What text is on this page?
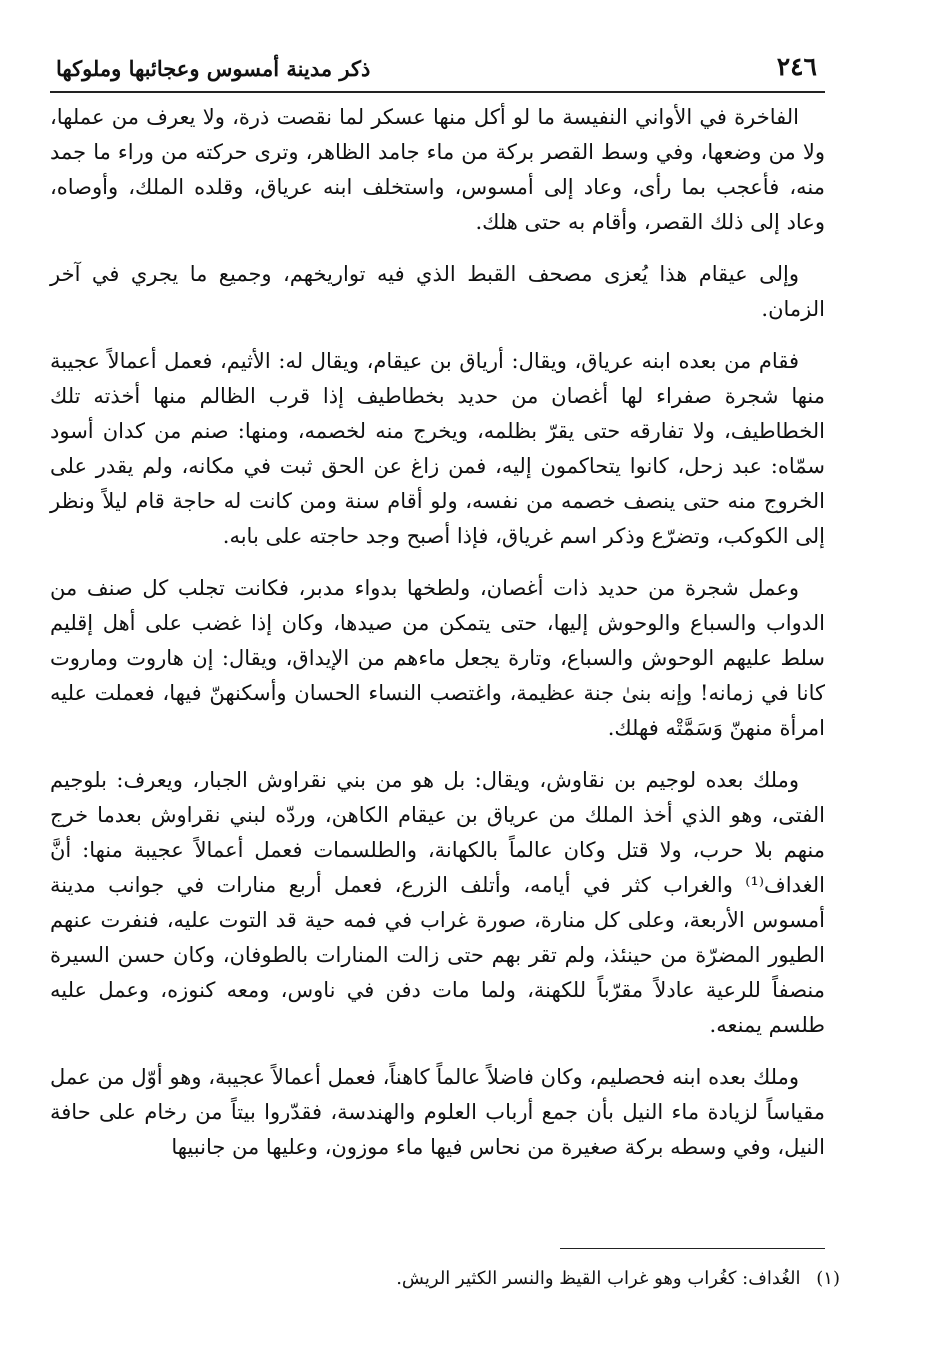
٢٤٦
ذكر مدينة أمسوس وعجائبها وملوكها

الفاخرة في الأواني النفيسة ما لو أكل منها عسكر لما نقصت ذرة، ولا يعرف من عملها، ولا من وضعها، وفي وسط القصر بركة من ماء جامد الظاهر، وترى حركته من وراء ما جمد منه، فأعجب بما رأى، وعاد إلى أمسوس، واستخلف ابنه عرياق، وقلده الملك، وأوصاه، وعاد إلى ذلك القصر، وأقام به حتى هلك.

وإلى عيقام هذا يُعزى مصحف القبط الذي فيه تواريخهم، وجميع ما يجري في آخر الزمان.

فقام من بعده ابنه عرياق، ويقال: أرياق بن عيقام، ويقال له: الأثيم، فعمل أعمالاً عجيبة منها شجرة صفراء لها أغصان من حديد بخطاطيف إذا قرب الظالم منها أخذته تلك الخطاطيف، ولا تفارقه حتى يقرّ بظلمه، ويخرج منه لخصمه، ومنها: صنم من كدان أسود سمّاه: عبد زحل، كانوا يتحاكمون إليه، فمن زاغ عن الحق ثبت في مكانه، ولم يقدر على الخروج منه حتى ينصف خصمه من نفسه، ولو أقام سنة ومن كانت له حاجة قام ليلاً ونظر إلى الكوكب، وتضرّع وذكر اسم غرياق، فإذا أصبح وجد حاجته على بابه.

وعمل شجرة من حديد ذات أغصان، ولطخها بدواء مدبر، فكانت تجلب كل صنف من الدواب والسباع والوحوش إليها، حتى يتمكن من صيدها، وكان إذا غضب على أهل إقليم سلط عليهم الوحوش والسباع، وتارة يجعل ماءهم من الإيداق، ويقال: إن هاروت وماروت كانا في زمانه! وإنه بنىٰ جنة عظيمة، واغتصب النساء الحسان وأسكنهنّ فيها، فعملت عليه امرأة منهنّ وَسَمَّتْه فهلك.

وملك بعده لوجيم بن نقاوش، ويقال: بل هو من بني نقراوش الجبار، ويعرف: بلوجيم الفتى، وهو الذي أخذ الملك من عرياق بن عيقام الكاهن، وردّه لبني نقراوش بعدما خرج منهم بلا حرب، ولا قتل وكان عالماً بالكهانة، والطلسمات فعمل أعمالاً عجيبة منها: أنَّ الغداف⁽¹⁾ والغراب كثر في أيامه، وأتلف الزرع، فعمل أربع منارات في جوانب مدينة أمسوس الأربعة، وعلى كل منارة، صورة غراب في فمه حية قد التوت عليه، فنفرت عنهم الطيور المضرّة من حينئذ، ولم تقر بهم حتى زالت المنارات بالطوفان، وكان حسن السيرة منصفاً للرعية عادلاً مقرّباً للكهنة، ولما مات دفن في ناوس، ومعه كنوزه، وعمل عليه طلسم يمنعه.

وملك بعده ابنه فحصليم، وكان فاضلاً عالماً كاهناً، فعمل أعمالاً عجيبة، وهو أوّل من عمل مقياساً لزيادة ماء النيل بأن جمع أرباب العلوم والهندسة، فقدّروا بيتاً من رخام على حافة النيل، وفي وسطه بركة صغيرة من نحاس فيها ماء موزون، وعليها من جانبيها

(١) الغُداف: كغُراب وهو غراب القيظ والنسر الكثير الريش.
